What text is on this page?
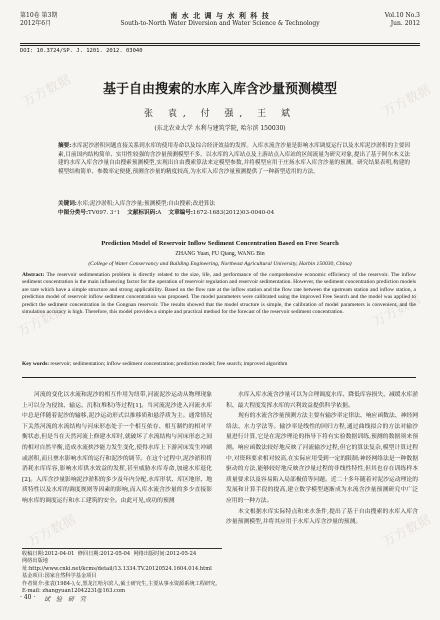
万方数据	万方数据
万方数据	万方数据
万方数据	万方数据
第10卷 第3期
2012年6月
南 水 北 调 与 水 利 科 技
South-to-North Water Diversion and Water Science & Technology
Vol.10 No.3
Jun. 2012
DOI: 10.3724/SP. J. 1201. 2012. 03040
基于自由搜索的水库入库含沙量预测模型
张 袁, 付 强, 王 斌
(东北农业大学 水利与建筑学院, 哈尔滨 150030)
摘要:水库泥沙淤积问题直接关系到水库的使用寿命以及综合经济效益的发挥。入库水流含沙量是影响水库调度运行以及水库泥沙淤积的主要因素,目前国内结构简单、实用性较强的含沙量预测模型不多。以水库的入库站点及上游站点入库站的区间流量为研究对象,提出了基于阿尔木义法建的水库入库含沙量自由搜索预测模型,实现出自由搜索算法来定模型参数,并将模型应用于庄扬水库入库含沙量的预测。研究结果表明,构建的模型结构简单、参数率定便捷,预测含沙量的精度较高,为水库入库含沙量预测提供了一种新型适用的方法。
关键词:水库;泥沙淤积;入库含沙量;预测模型;自由搜索;改进算法
中图分类号:TV697. 3⁺1 文献标识码:A 文章编号:1672-1683(2012)03-0040-04
Prediction Model of Reservoir Inflow Sediment Concentration Based on Free Search
ZHANG Yuan, FU Qiang, WANG Bin
(College of Water Conservancy and Building Engineering, Northeast Agricultural University, Harbin 150030, China)
Abstract: The reservoir sedimentation problem is directly related to the size, life, and performance of the comprehensive economic efficiency of the reservoir. The inflow sediment concentration is the main influencing factor for the operation of reservoir regulation and reservoir sedimentation. However, the sediment concentration prediction models are rare which have a simple structure and strong applicability. Based on the flow rate at the inflow station and the flow rate between the upstream station and inflow station, a prediction model of reservoir inflow sediment concentration was proposed. The model parameters were calibrated using the improved Free Search and the model was applied to predict the sediment concentration in the Gongnan reservoir. The results showed that the model structure is simple, the calibration of model parameters is convenient, and the simulation accuracy is high. Therefore, this model provides a simple and practical method for the forecast of the reservoir sediment concentration.
Key words: reservoir; sedimentation; inflow sediment concentration; prediction model; free search; improved algorithm

河流的变化以水流和泥沙的相互作用为纽带,河流泥沙运动从物理现象上可以分为侵蚀、输运、沉积(堆积)等过程[1]。当河流泥沙进入河流水库中总是伴随着泥沙的输移,泥沙运动形式以推移质和悬浮质为主。通常情况下关然河流的水流结构与河床形态处于一个相互依存、相互制约的相对平衡状态,但是当在天然河流上修建水库时,就破坏了水流结构与河床形态之间的相对自然平衡,造成水流挟沙能力发生变化,使得水库上下游河床发生冲刷或淤积,而且壅水影响水库的运行和泥沙的调节。在这个过程中,泥沙淤积将消耗水库库容,影响水库供水效益的发挥,甚至威胁水库寿命,加速水库退化[2]。入库含沙量影响泥沙淤积的多少及年内分配,水库形状、库区地形、地质特性以及水库的调度规则等因素的影响,而入库水流含沙量的多少直接影响水库的调度运行和水工建筑的安全。由此可见,成功的预测

水库入库水流含沙量可以为合理调度水库、降低库容损失、减缓水库淤积、最大程度发挥水库的兴利效益提供科学依据。

现有的水流含沙量预测方法主要有输沙率定律法、响应函数法、神经网络法、水力学法等。输沙率是线性的回归方程,通过曲线拟合的方法对输沙量进行计算,它是在泥沙理论的指导下将有实验数据训练,预测的数据须来预测。响应函数法较好地反映了河流输沙过程,但它的算法复杂,模型计算过程中,对资料要求相对较高,在实际应用受到一定的限制;神经网络法是一种数据驱动的方法,能够较好地反映含沙量过程的非线性特性,但其也存在训练样本质量要求以及容易陷入局部极值等问题。近二十多年随着对泥沙运动理论的发展和计算手段的提高,建立数学模型逐渐成为水流含沙量预测研究中广泛应用的一种方法。

本文根据水库实际特点和来水条件,提出了基于自由搜索的水库入库含沙量预测模型,并将其应用于水库入库含沙量的预测。

收稿日期:2012-04-01 修回日期:2012-05-04 网络出版时间:2012-05-24
网络出版地址:http://www.cnki.net/kcms/detail/13.1334.TV.20120524.1604.014.html
基金项目:国家自然科学基金项目
作者简介:张袁(1984-),女,黑龙江哈尔滨人,硕士研究生,主要从事水资源系统工程研究。E-mail: zhangyuan12042231@163.com
· 40 · 试 验 研 究
